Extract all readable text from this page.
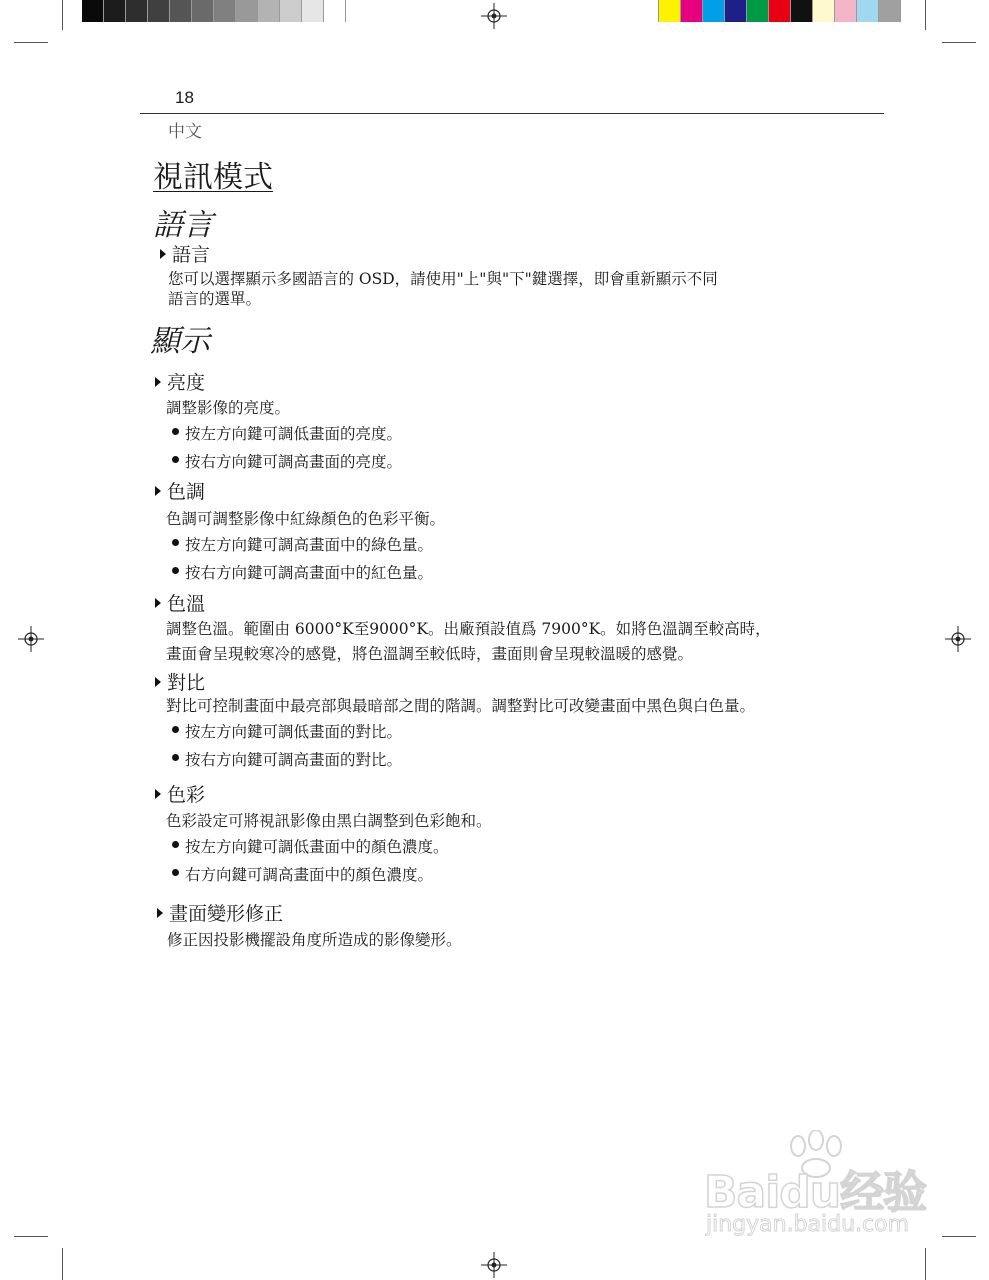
18
中文
視訊模式
語言
語言
您可以選擇顯示多國語言的 OSD，請使用"上"與"下"鍵選擇，即會重新顯示不同
語言的選單。
顯示
亮度
調整影像的亮度。
按左方向鍵可調低畫面的亮度。
按右方向鍵可調高畫面的亮度。
色調
色調可調整影像中紅綠顏色的色彩平衡。
按左方向鍵可調高畫面中的綠色量。
按右方向鍵可調高畫面中的紅色量。
色溫
調整色溫。範圍由 6000°K至9000°K。出廠預設值爲 7900°K。如將色溫調至較高時，
畫面會呈現較寒冷的感覺，將色溫調至較低時，畫面則會呈現較溫暖的感覺。
對比
對比可控制畫面中最亮部與最暗部之間的階調。調整對比可改變畫面中黑色與白色量。
按左方向鍵可調低畫面的對比。
按右方向鍵可調高畫面的對比。
色彩
色彩設定可將視訊影像由黑白調整到色彩飽和。
按左方向鍵可調低畫面中的顏色濃度。
右方向鍵可調高畫面中的顏色濃度。
畫面變形修正
修正因投影機擺設角度所造成的影像變形。
Baidu经验
jingyan.baidu.com
